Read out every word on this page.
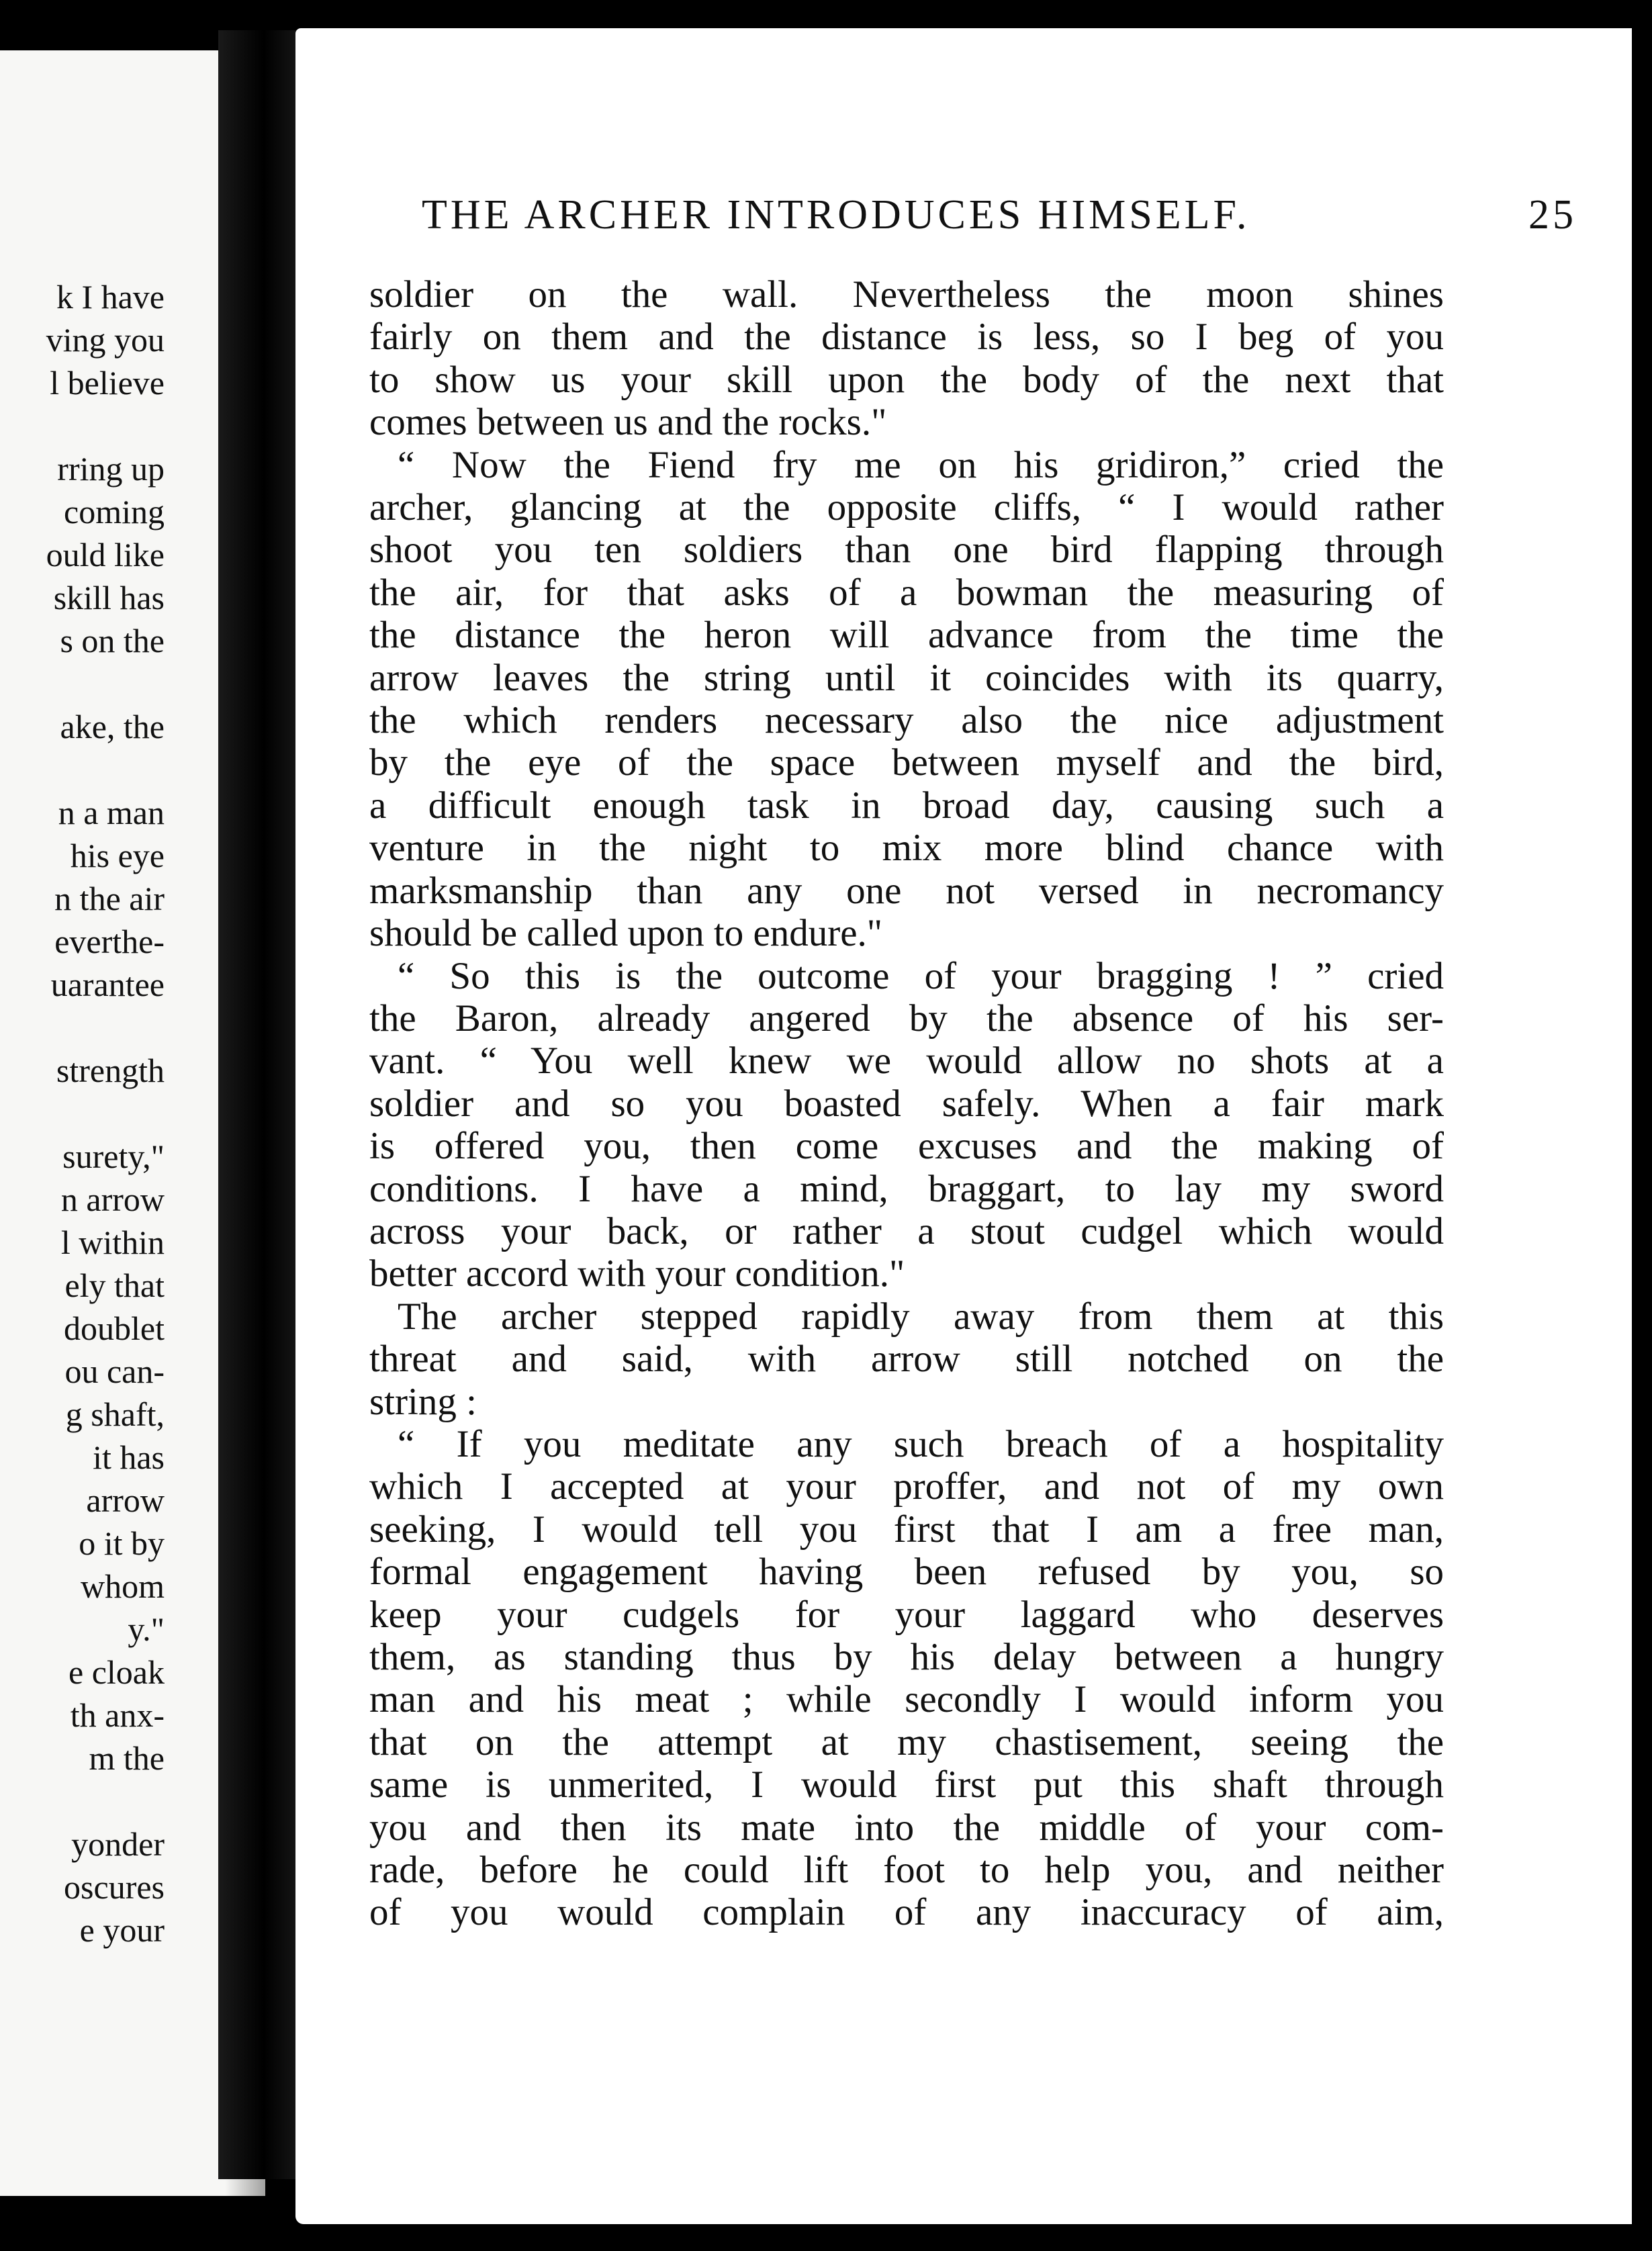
k I have
ving you
l believe
rring up
coming
ould like
skill has
s on the
ake, the
n a man
his eye
n the air
everthe-
uarantee
strength
surety,"
n arrow
l within
ely that
doublet
ou can-
g shaft,
it has
arrow
o it by
whom
y."
e cloak
th anx-
m the
yonder
oscures
e your
THE ARCHER INTRODUCES HIMSELF.	25
soldier on the wall. Nevertheless the moon shines
fairly on them and the distance is less, so I beg of you
to show us your skill upon the body of the next that
comes between us and the rocks."
“ Now the Fiend fry me on his gridiron,” cried the
archer, glancing at the opposite cliffs, “ I would rather
shoot you ten soldiers than one bird flapping through
the air, for that asks of a bowman the measuring of
the distance the heron will advance from the time the
arrow leaves the string until it coincides with its quarry,
the which renders necessary also the nice adjustment
by the eye of the space between myself and the bird,
a difficult enough task in broad day, causing such a
venture in the night to mix more blind chance with
marksmanship than any one not versed in necromancy
should be called upon to endure."
“ So this is the outcome of your bragging ! ” cried
the Baron, already angered by the absence of his ser-
vant. “ You well knew we would allow no shots at a
soldier and so you boasted safely. When a fair mark
is offered you, then come excuses and the making of
conditions. I have a mind, braggart, to lay my sword
across your back, or rather a stout cudgel which would
better accord with your condition."
The archer stepped rapidly away from them at this
threat and said, with arrow still notched on the
string :
“ If you meditate any such breach of a hospitality
which I accepted at your proffer, and not of my own
seeking, I would tell you first that I am a free man,
formal engagement having been refused by you, so
keep your cudgels for your laggard who deserves
them, as standing thus by his delay between a hungry
man and his meat ; while secondly I would inform you
that on the attempt at my chastisement, seeing the
same is unmerited, I would first put this shaft through
you and then its mate into the middle of your com-
rade, before he could lift foot to help you, and neither
of you would complain of any inaccuracy of aim,
